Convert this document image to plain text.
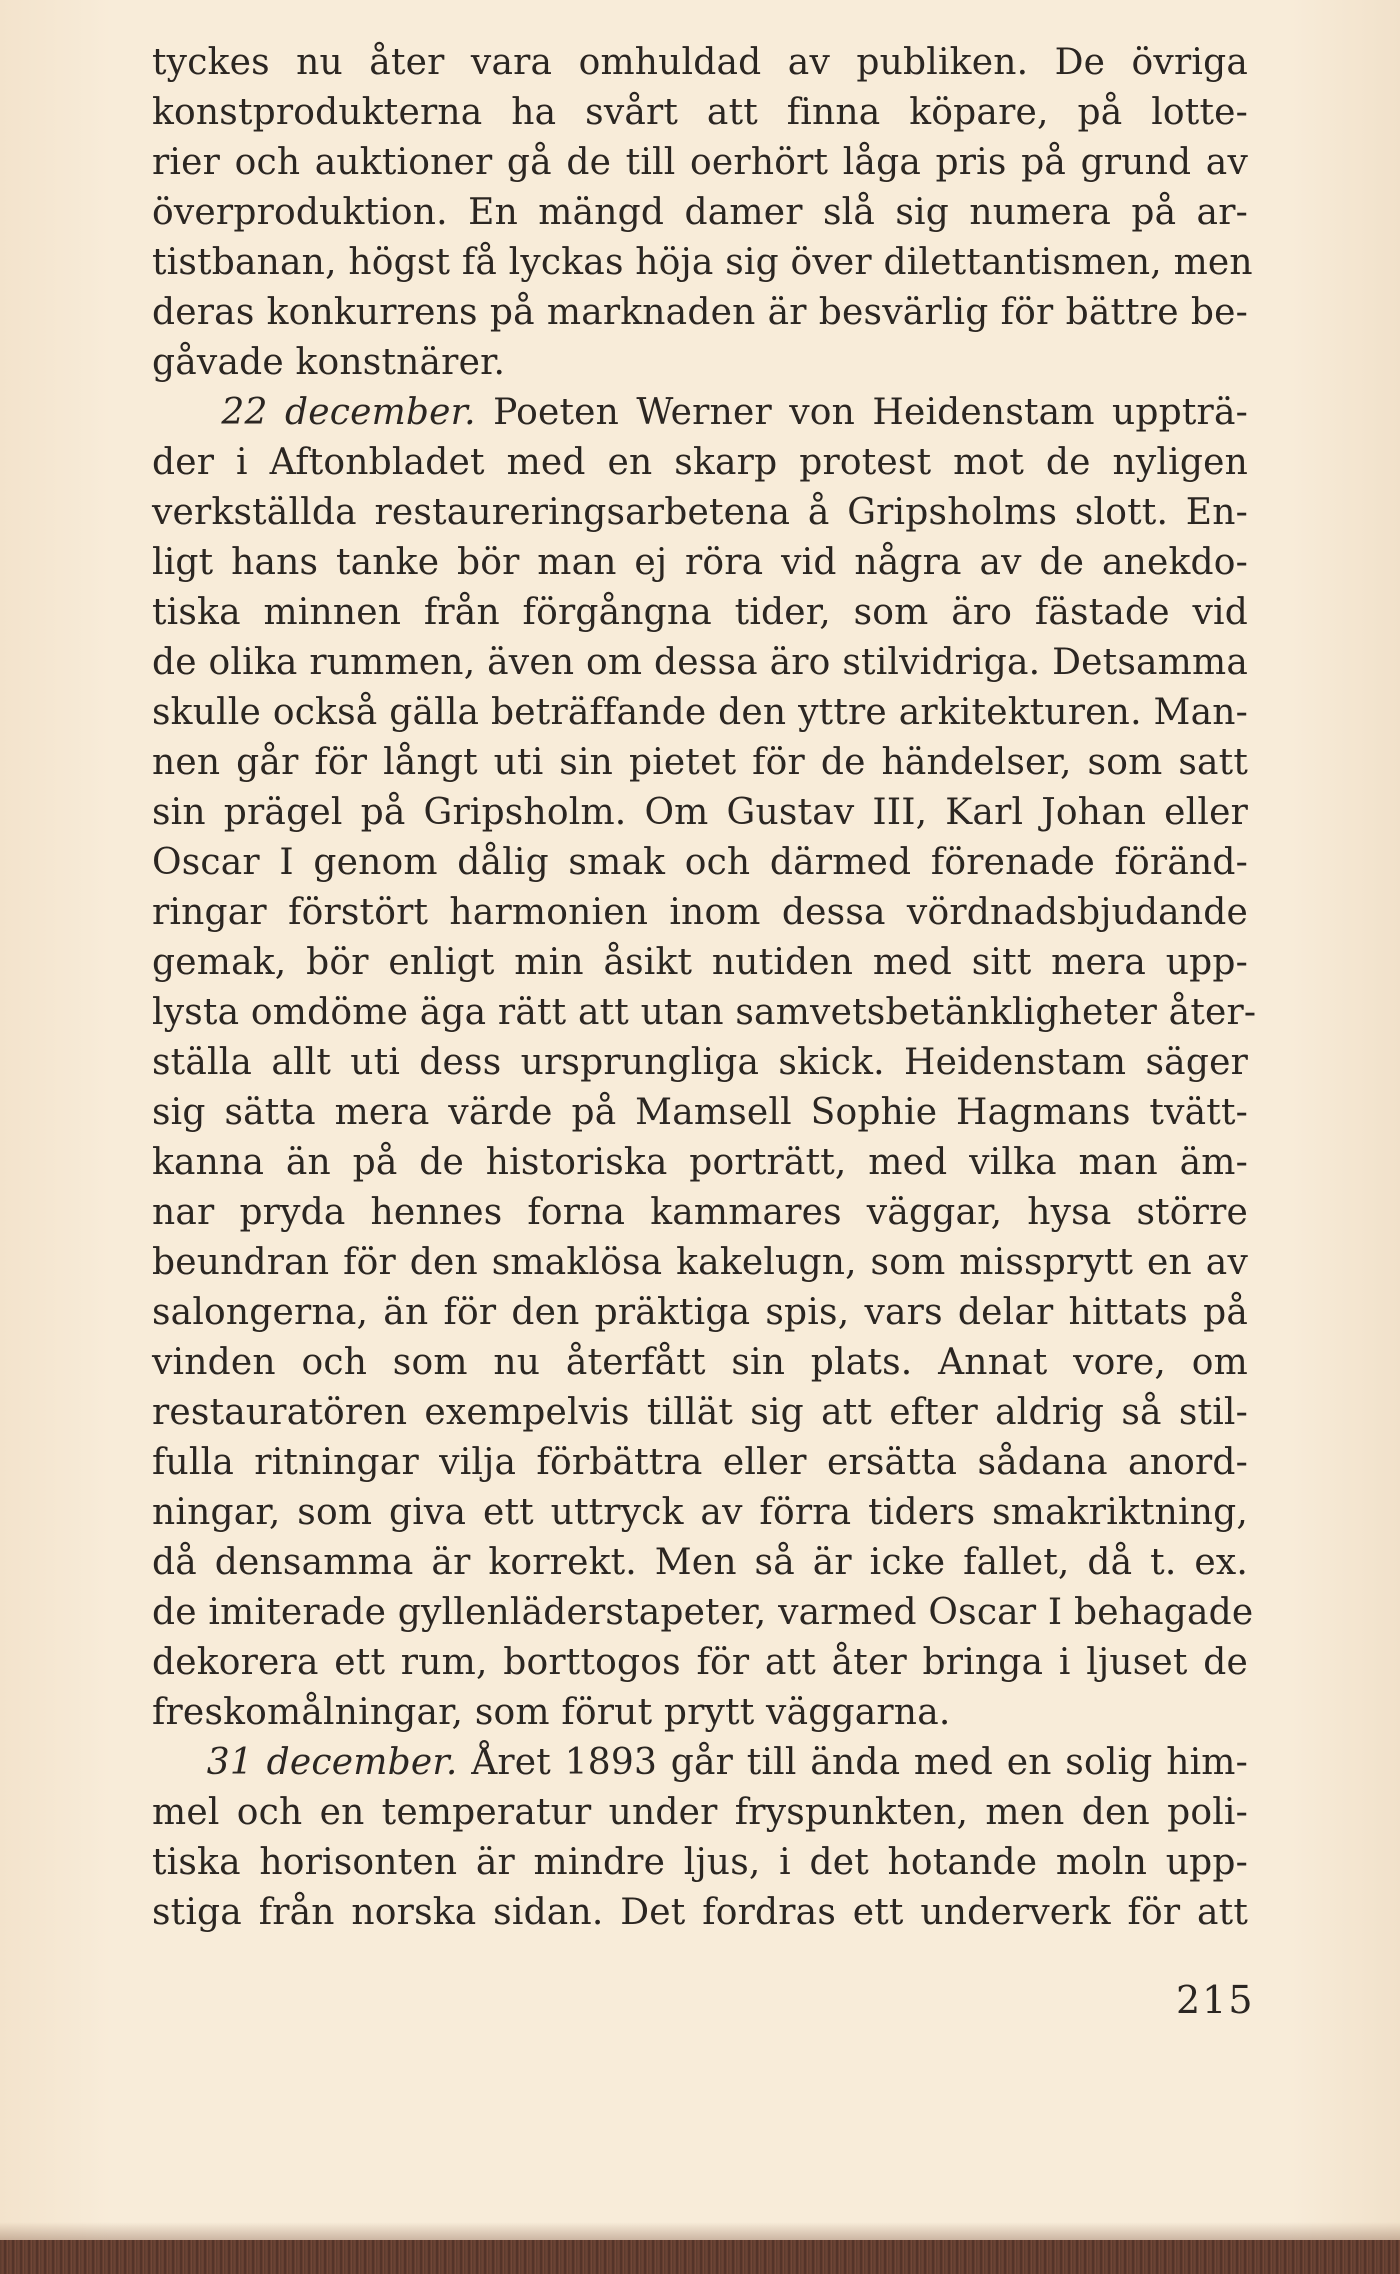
tyckes nu åter vara omhuldad av publiken. De övriga
konstprodukterna ha svårt att finna köpare, på lotte-
rier och auktioner gå de till oerhört låga pris på grund av
överproduktion. En mängd damer slå sig numera på ar-
tistbanan, högst få lyckas höja sig över dilettantismen, men
deras konkurrens på marknaden är besvärlig för bättre be-
gåvade konstnärer.
22 december. Poeten Werner von Heidenstam uppträ-
der i Aftonbladet med en skarp protest mot de nyligen
verkställda restaureringsarbetena å Gripsholms slott. En-
ligt hans tanke bör man ej röra vid några av de anekdo-
tiska minnen från förgångna tider, som äro fästade vid
de olika rummen, även om dessa äro stilvidriga. Detsamma
skulle också gälla beträffande den yttre arkitekturen. Man-
nen går för långt uti sin pietet för de händelser, som satt
sin prägel på Gripsholm. Om Gustav III, Karl Johan eller
Oscar I genom dålig smak och därmed förenade föränd-
ringar förstört harmonien inom dessa vördnadsbjudande
gemak, bör enligt min åsikt nutiden med sitt mera upp-
lysta omdöme äga rätt att utan samvetsbetänkligheter åter-
ställa allt uti dess ursprungliga skick. Heidenstam säger
sig sätta mera värde på Mamsell Sophie Hagmans tvätt-
kanna än på de historiska porträtt, med vilka man äm-
nar pryda hennes forna kammares väggar, hysa större
beundran för den smaklösa kakelugn, som missprytt en av
salongerna, än för den präktiga spis, vars delar hittats på
vinden och som nu återfått sin plats. Annat vore, om
restauratören exempelvis tillät sig att efter aldrig så stil-
fulla ritningar vilja förbättra eller ersätta sådana anord-
ningar, som giva ett uttryck av förra tiders smakriktning,
då densamma är korrekt. Men så är icke fallet, då t. ex.
de imiterade gyllenläderstapeter, varmed Oscar I behagade
dekorera ett rum, borttogos för att åter bringa i ljuset de
freskomålningar, som förut prytt väggarna.
31 december. Året 1893 går till ända med en solig him-
mel och en temperatur under fryspunkten, men den poli-
tiska horisonten är mindre ljus, i det hotande moln upp-
stiga från norska sidan. Det fordras ett underverk för att
215
